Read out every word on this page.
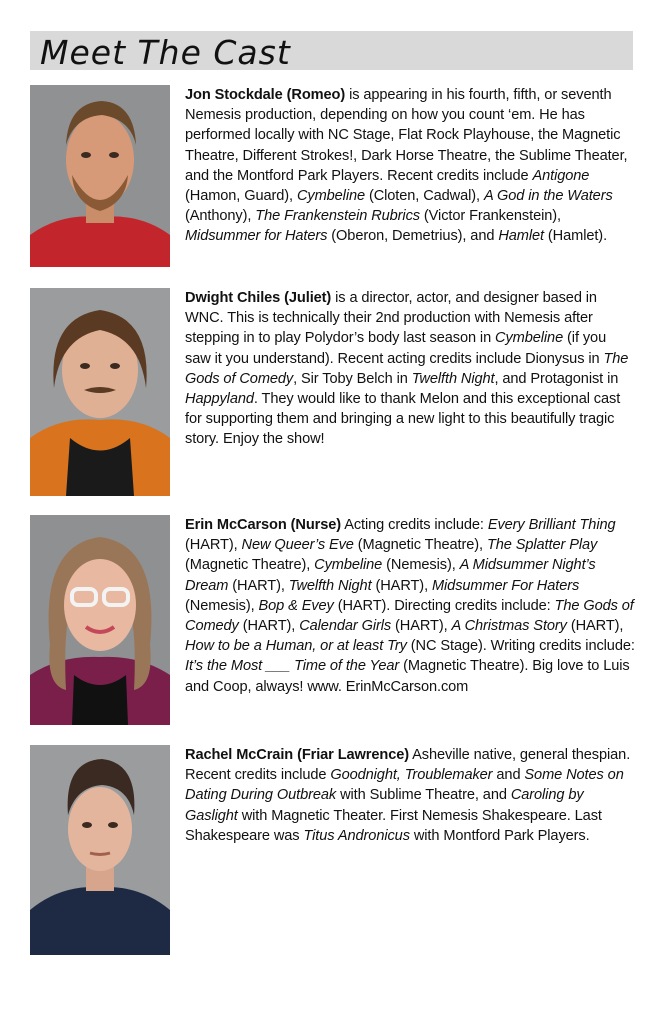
Meet The Cast

Jon Stockdale (Romeo) is appearing in his fourth, fifth, or seventh Nemesis production, depending on how you count ‘em. He has performed locally with NC Stage, Flat Rock Playhouse, the Magnetic Theatre, Different Strokes!, Dark Horse Theatre, the Sublime Theater, and the Montford Park Players. Recent credits include Antigone (Hamon, Guard), Cymbeline (Cloten, Cadwal), A God in the Waters (Anthony), The Frankenstein Rubrics (Victor Frankenstein), Midsummer for Haters (Oberon, Demetrius), and Hamlet (Hamlet).

Dwight Chiles (Juliet) is a director, actor, and designer based in WNC. This is technically their 2nd production with Nemesis after stepping in to play Polydor’s body last season in Cymbeline (if you saw it you understand). Recent acting credits include Dionysus in The Gods of Comedy, Sir Toby Belch in Twelfth Night, and Protagonist in Happyland. They would like to thank Melon and this exceptional cast for supporting them and bringing a new light to this beautifully tragic story. Enjoy the show!

Erin McCarson (Nurse) Acting credits include: Every Brilliant Thing (HART), New Queer’s Eve (Magnetic Theatre), The Splatter Play (Magnetic Theatre), Cymbeline (Nemesis), A Midsummer Night’s Dream (HART), Twelfth Night (HART), Midsummer For Haters (Nemesis), Bop & Evey (HART). Directing credits include: The Gods of Comedy (HART), Calendar Girls (HART), A Christmas Story (HART), How to be a Human, or at least Try (NC Stage). Writing credits include: It’s the Most ___ Time of the Year (Magnetic Theatre). Big love to Luis and Coop, always! www. ErinMcCarson.com

Rachel McCrain (Friar Lawrence) Asheville native, general thespian. Recent credits include Goodnight, Troublemaker and Some Notes on Dating During Outbreak with Sublime Theatre, and Caroling by Gaslight with Magnetic Theater. First Nemesis Shakespeare. Last Shakespeare was Titus Andronicus with Montford Park Players.
